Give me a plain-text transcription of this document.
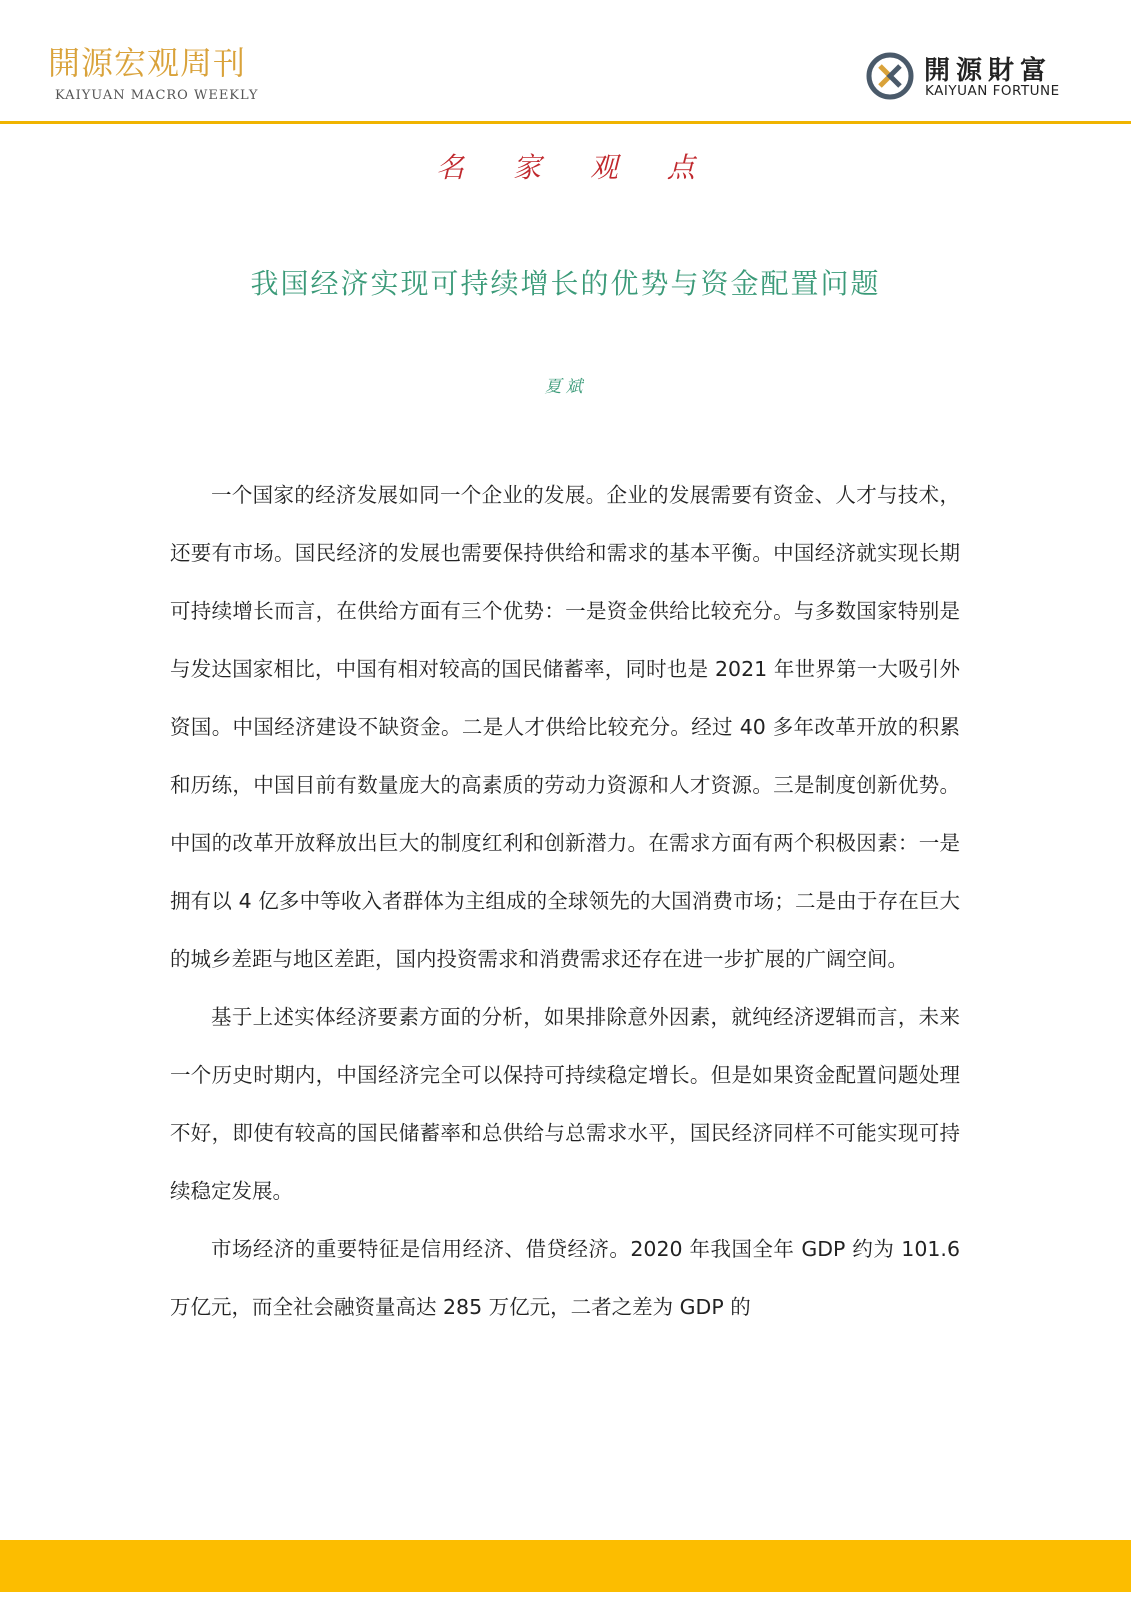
開源宏观周刊
KAIYUAN MACRO WEEKLY
開源財富
KAIYUAN FORTUNE
名 家 观 点
我国经济实现可持续增长的优势与资金配置问题
夏斌

一个国家的经济发展如同一个企业的发展。企业的发展需要有资金、人才与技术，还要有市场。国民经济的发展也需要保持供给和需求的基本平衡。中国经济就实现长期可持续增长而言，在供给方面有三个优势：一是资金供给比较充分。与多数国家特别是与发达国家相比，中国有相对较高的国民储蓄率，同时也是 2021 年世界第一大吸引外资国。中国经济建设不缺资金。二是人才供给比较充分。经过 40 多年改革开放的积累和历练，中国目前有数量庞大的高素质的劳动力资源和人才资源。三是制度创新优势。中国的改革开放释放出巨大的制度红利和创新潜力。在需求方面有两个积极因素：一是拥有以 4 亿多中等收入者群体为主组成的全球领先的大国消费市场；二是由于存在巨大的城乡差距与地区差距，国内投资需求和消费需求还存在进一步扩展的广阔空间。

基于上述实体经济要素方面的分析，如果排除意外因素，就纯经济逻辑而言，未来一个历史时期内，中国经济完全可以保持可持续稳定增长。但是如果资金配置问题处理不好，即使有较高的国民储蓄率和总供给与总需求水平，国民经济同样不可能实现可持续稳定发展。

市场经济的重要特征是信用经济、借贷经济。2020 年我国全年 GDP 约为 101.6 万亿元，而全社会融资量高达 285 万亿元，二者之差为 GDP 的
